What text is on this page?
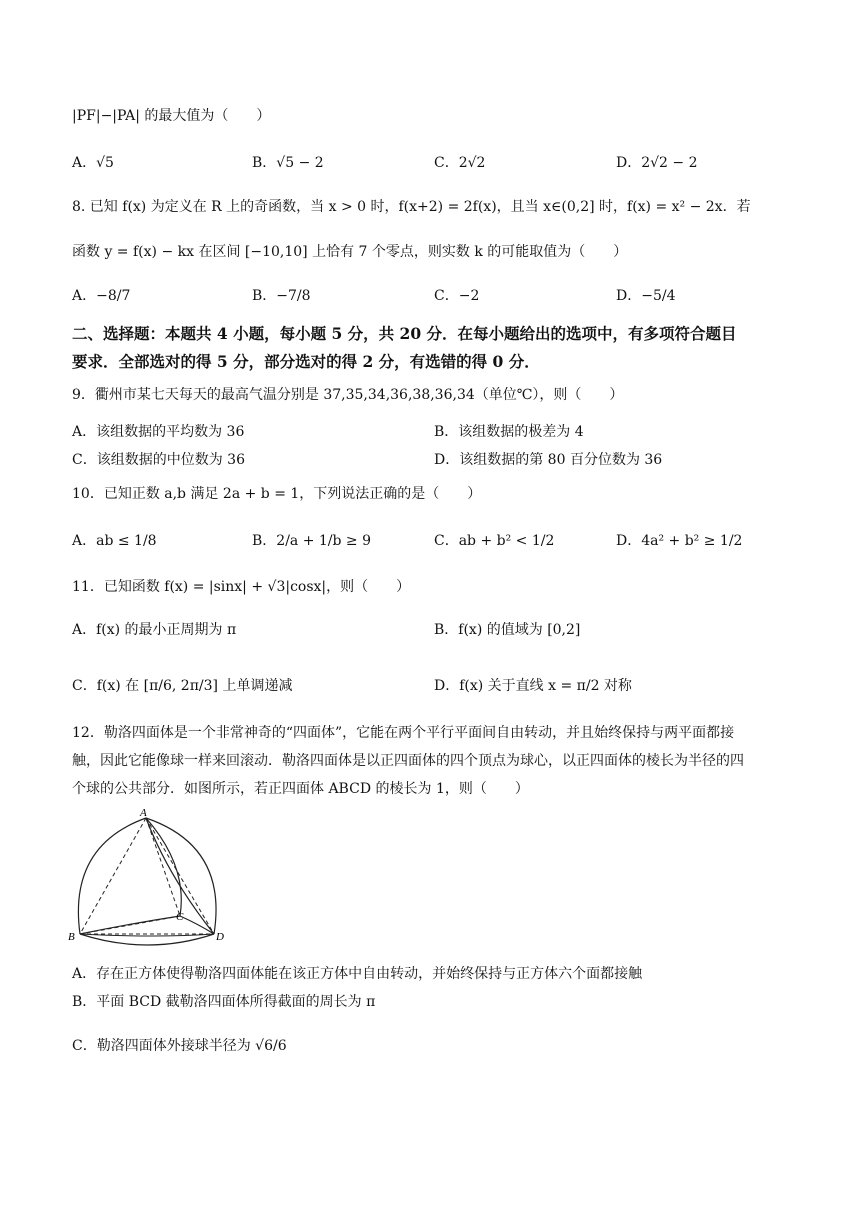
|PF|−|PA| 的最大值为（　　）
A．√5	B．√5 − 2	C．2√2	D．2√2 − 2
8. 已知 f(x) 为定义在 R 上的奇函数，当 x > 0 时，f(x+2) = 2f(x)，且当 x∈(0,2] 时，f(x) = x² − 2x．若
函数 y = f(x) − kx 在区间 [−10,10] 上恰有 7 个零点，则实数 k 的可能取值为（　　）
A．−8/7	B．−7/8	C．−2	D．−5/4
二、选择题：本题共 4 小题，每小题 5 分，共 20 分．在每小题给出的选项中，有多项符合题目
要求．全部选对的得 5 分，部分选对的得 2 分，有选错的得 0 分．
9．衢州市某七天每天的最高气温分别是 37,35,34,36,38,36,34（单位℃），则（　　）
A．该组数据的平均数为 36	B．该组数据的极差为 4
C．该组数据的中位数为 36	D．该组数据的第 80 百分位数为 36
10．已知正数 a,b 满足 2a + b = 1，下列说法正确的是（　　）
A．ab ≤ 1/8	B．2/a + 1/b ≥ 9	C．ab + b² < 1/2	D．4a² + b² ≥ 1/2
11．已知函数 f(x) = |sinx| + √3|cosx|，则（　　）
A．f(x) 的最小正周期为 π	B．f(x) 的值域为 [0,2]
C．f(x) 在 [π/6, 2π/3] 上单调递减	D．f(x) 关于直线 x = π/2 对称
12．勒洛四面体是一个非常神奇的“四面体”，它能在两个平行平面间自由转动，并且始终保持与两平面都接
触，因此它能像球一样来回滚动．勒洛四面体是以正四面体的四个顶点为球心，以正四面体的棱长为半径的四
个球的公共部分．如图所示，若正四面体 ABCD 的棱长为 1，则（　　）
A
B
C
D
A．存在正方体使得勒洛四面体能在该正方体中自由转动，并始终保持与正方体六个面都接触
B．平面 BCD 截勒洛四面体所得截面的周长为 π
C．勒洛四面体外接球半径为 √6/6
